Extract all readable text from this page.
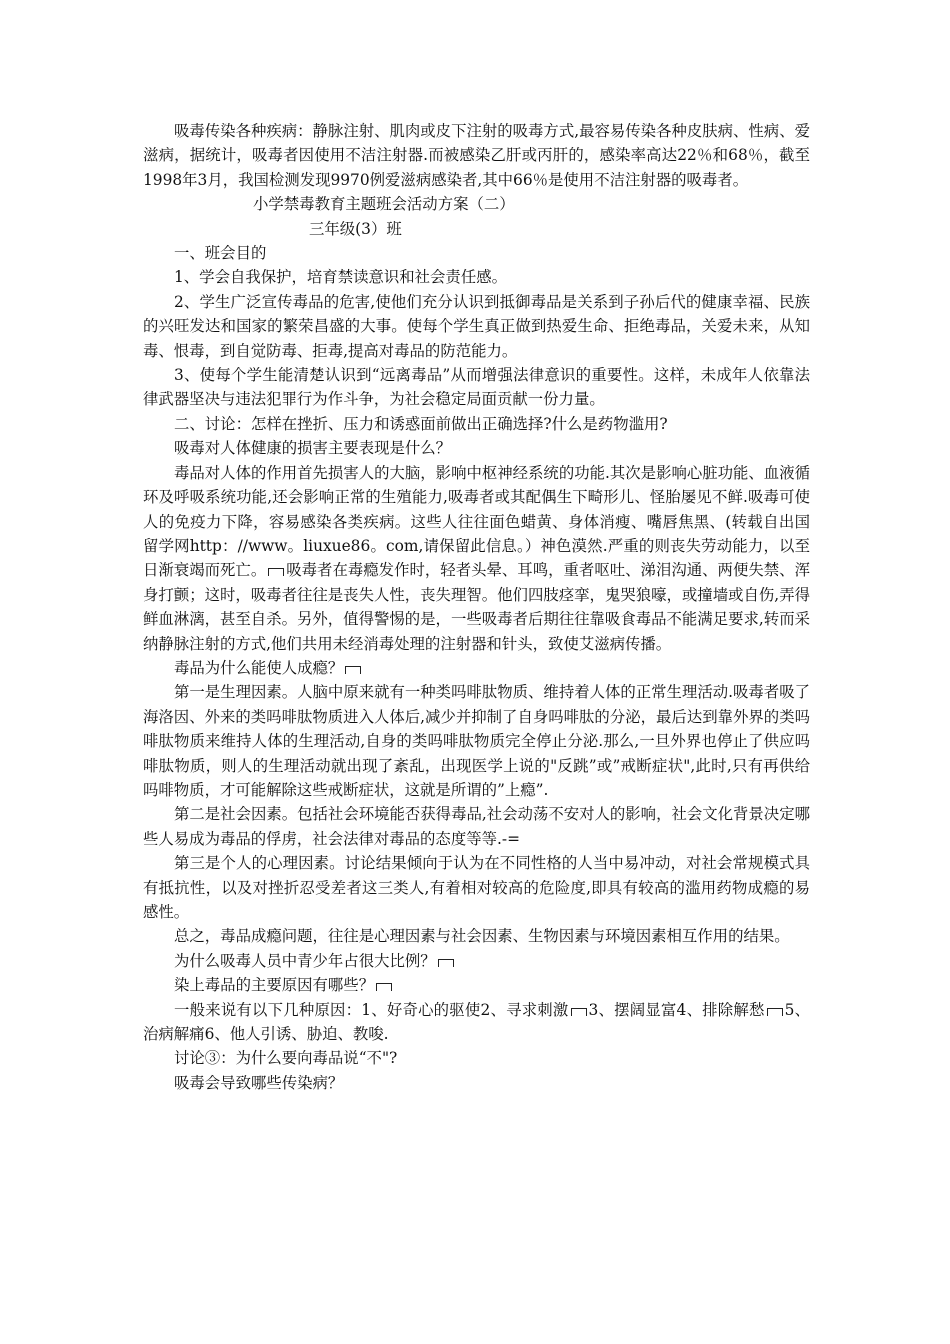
吸毒传染各种疾病：静脉注射、肌肉或皮下注射的吸毒方式,最容易传染各种皮肤病、性病、爱滋病，据统计，吸毒者因使用不洁注射器.而被感染乙肝或丙肝的，感染率高达22％和68％，截至1998年3月，我国检测发现9970例爱滋病感染者,其中66％是使用不洁注射器的吸毒者。

小学禁毒教育主题班会活动方案（二）

三年级(3）班

一、班会目的

1、学会自我保护，培育禁读意识和社会责任感。

2、学生广泛宣传毒品的危害,使他们充分认识到抵御毒品是关系到子孙后代的健康幸福、民族的兴旺发达和国家的繁荣昌盛的大事。使每个学生真正做到热爱生命、拒绝毒品，关爱未来，从知毒、恨毒，到自觉防毒、拒毒,提高对毒品的防范能力。

3、使每个学生能清楚认识到“远离毒品”从而增强法律意识的重要性。这样，未成年人依靠法律武器坚决与违法犯罪行为作斗争，为社会稳定局面贡献一份力量。

二、讨论：怎样在挫折、压力和诱惑面前做出正确选择?什么是药物滥用?

吸毒对人体健康的损害主要表现是什么？

毒品对人体的作用首先损害人的大脑，影响中枢神经系统的功能.其次是影响心脏功能、血液循环及呼吸系统功能,还会影响正常的生殖能力,吸毒者或其配偶生下畸形儿、怪胎屡见不鲜.吸毒可使人的免疫力下降，容易感染各类疾病。这些人往往面色蜡黄、身体消瘦、嘴唇焦黑、(转载自出国留学网http：//www。liuxue86。com,请保留此信息。）神色漠然.严重的则丧失劳动能力，以至日渐衰竭而死亡。 吸毒者在毒瘾发作时，轻者头晕、耳鸣，重者呕吐、涕泪沟通、两便失禁、浑身打颤；这时，吸毒者往往是丧失人性，丧失理智。他们四肢痉挛，鬼哭狼嚎，或撞墙或自伤,弄得鲜血淋漓，甚至自杀。另外，值得警惕的是，一些吸毒者后期往往靠吸食毒品不能满足要求,转而采纳静脉注射的方式,他们共用未经消毒处理的注射器和针头，致使艾滋病传播。

毒品为什么能使人成瘾？

第一是生理因素。人脑中原来就有一种类吗啡肽物质、维持着人体的正常生理活动.吸毒者吸了海洛因、外来的类吗啡肽物质进入人体后,减少并抑制了自身吗啡肽的分泌，最后达到靠外界的类吗啡肽物质来维持人体的生理活动,自身的类吗啡肽物质完全停止分泌.那么,一旦外界也停止了供应吗啡肽物质，则人的生理活动就出现了紊乱，出现医学上说的"反跳”或”戒断症状",此时,只有再供给吗啡物质，才可能解除这些戒断症状，这就是所谓的”上瘾”.

第二是社会因素。包括社会环境能否获得毒品,社会动荡不安对人的影响，社会文化背景决定哪些人易成为毒品的俘虏，社会法律对毒品的态度等等.-=

第三是个人的心理因素。讨论结果倾向于认为在不同性格的人当中易冲动，对社会常规模式具有抵抗性，以及对挫折忍受差者这三类人,有着相对较高的危险度,即具有较高的滥用药物成瘾的易感性。

总之，毒品成瘾问题，往往是心理因素与社会因素、生物因素与环境因素相互作用的结果。

为什么吸毒人员中青少年占很大比例？

染上毒品的主要原因有哪些？

一般来说有以下几种原因：1、好奇心的驱使2、寻求刺激 3、摆阔显富4、排除解愁 5、治病解痛6、他人引诱、胁迫、教唆.

讨论③：为什么要向毒品说“不"?

吸毒会导致哪些传染病？
